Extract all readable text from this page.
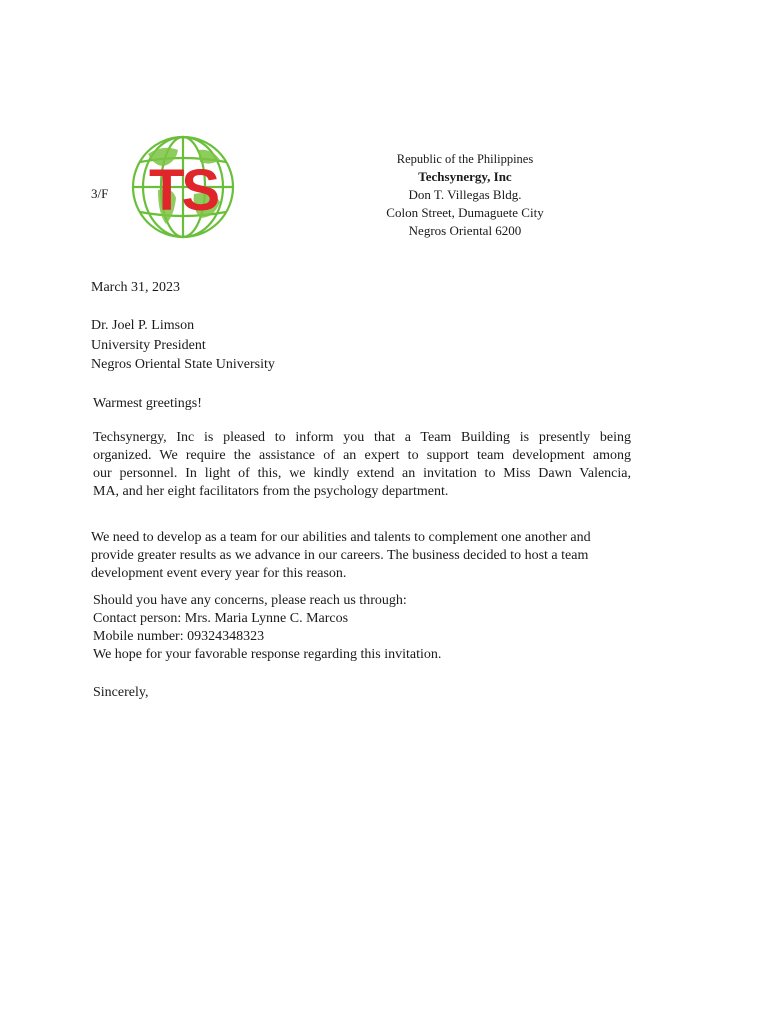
TS
3/F
Republic of the Philippines
Techsynergy, Inc
Don T. Villegas Bldg.
Colon Street, Dumaguete City
Negros Oriental 6200
March 31, 2023
Dr. Joel P. Limson
University President
Negros Oriental State University
Warmest greetings!
Techsynergy, Inc is pleased to inform you that a Team Building is presently being
organized. We require the assistance of an expert to support team development among
our personnel. In light of this, we kindly extend an invitation to Miss Dawn Valencia,
MA, and her eight facilitators from the psychology department.
We need to develop as a team for our abilities and talents to complement one another and
provide greater results as we advance in our careers. The business decided to host a team
development event every year for this reason.
Should you have any concerns, please reach us through:
Contact person: Mrs. Maria Lynne C. Marcos
Mobile number: 09324348323
We hope for your favorable response regarding this invitation.
Sincerely,
